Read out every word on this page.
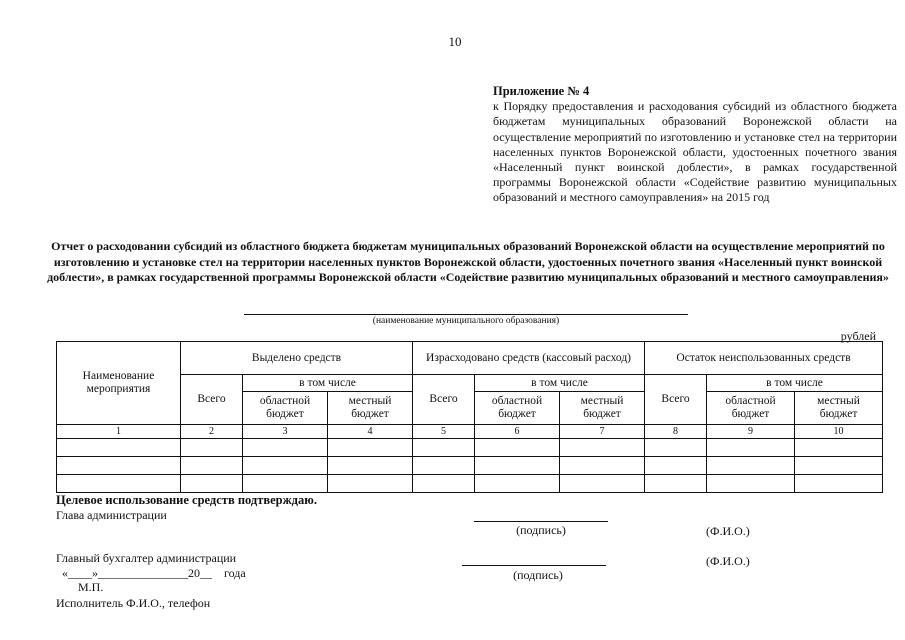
10
Приложение № 4
к Порядку предоставления и расходования субсидий из областного бюджета бюджетам муниципальных образований Воронежской области на осуществление мероприятий по изготовлению и установке стел на территории населенных пунктов Воронежской области, удостоенных почетного звания «Населенный пункт воинской доблести», в рамках государственной программы Воронежской области «Содействие развитию муниципальных образований и местного самоуправления» на 2015 год
Отчет о расходовании субсидий из областного бюджета бюджетам муниципальных образований Воронежской области на осуществление мероприятий по изготовлению и установке стел на территории населенных пунктов Воронежской области, удостоенных почетного звания «Населенный пункт воинской доблести», в рамках государственной программы Воронежской области «Содействие развитию муниципальных образований и местного самоуправления»
(наименование муниципального образования)
рублей
Наименование мероприятия	Выделено средств			Израсходовано средств (кассовый расход)			Остаток неиспользованных средств		
	Всего	в том числе		Всего	в том числе		Всего	в том числе	
		областной бюджет	местный бюджет		областной бюджет	местный бюджет		областной бюджет	местный бюджет
1	2	3	4	5	6	7	8	9	10

Целевое использование средств подтверждаю.
Глава администрации
(подпись)	(Ф.И.О.)
Главный бухгалтер администрации	(Ф.И.О.)
«____»_______________20__    года	(подпись)
М.П.
Исполнитель Ф.И.О., телефон
